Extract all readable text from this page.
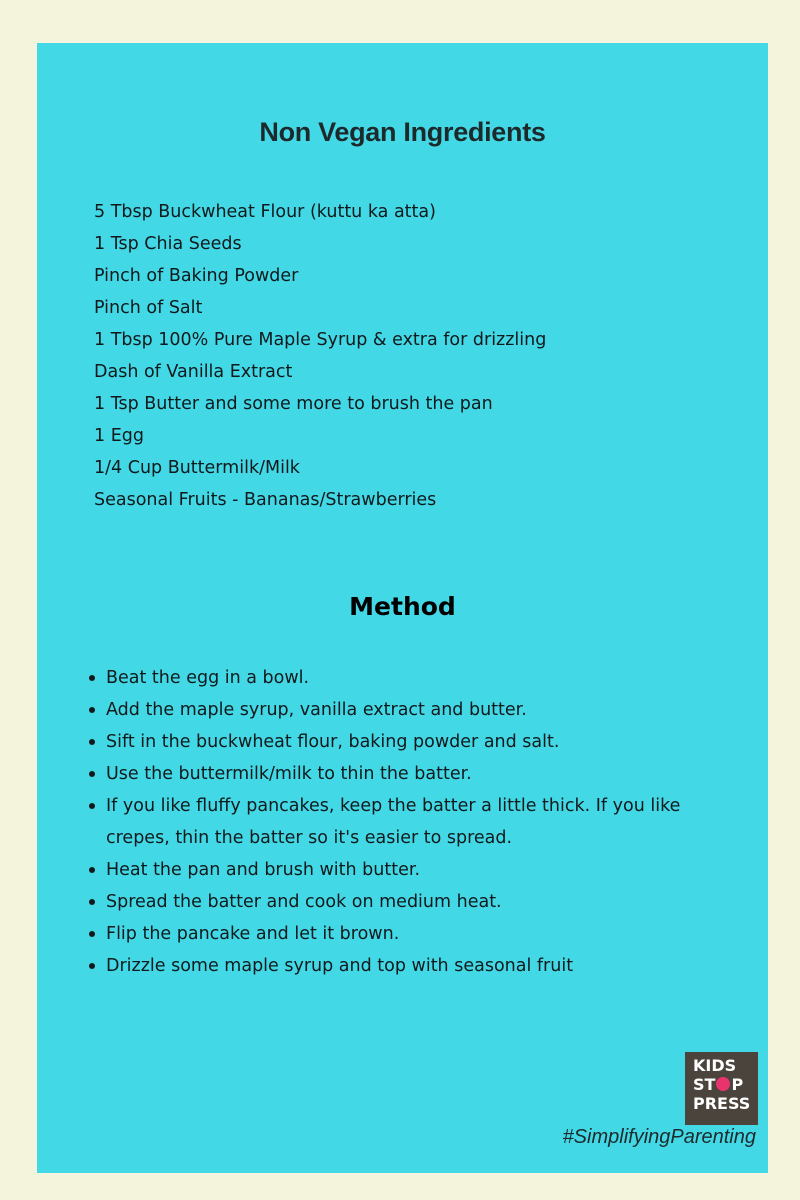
Non Vegan Ingredients
5 Tbsp Buckwheat Flour (kuttu ka atta)
1 Tsp Chia Seeds
Pinch of Baking Powder
Pinch of Salt
1 Tbsp 100% Pure Maple Syrup & extra for drizzling
Dash of Vanilla Extract
1 Tsp Butter and some more to brush the pan
1 Egg
1/4 Cup Buttermilk/Milk
Seasonal Fruits - Bananas/Strawberries
Method
Beat the egg in a bowl.
Add the maple syrup, vanilla extract and butter.
Sift in the buckwheat flour, baking powder and salt.
Use the buttermilk/milk to thin the batter.
If you like fluffy pancakes, keep the batter a little thick. If you like crepes, thin the batter so it's easier to spread.
Heat the pan and brush with butter.
Spread the batter and cook on medium heat.
Flip the pancake and let it brown.
Drizzle some maple syrup and top with seasonal fruit
KIDS
ST P
PRESS
#SimplifyingParenting
